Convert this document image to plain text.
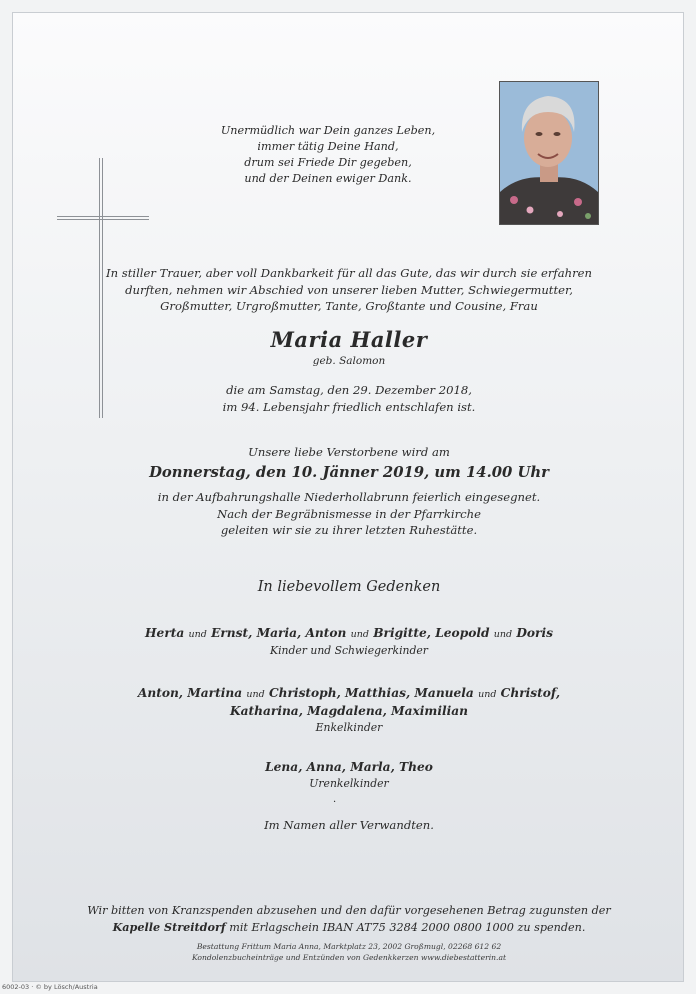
Unermüdlich war Dein ganzes Leben,
immer tätig Deine Hand,
drum sei Friede Dir gegeben,
und der Deinen ewiger Dank.
In stiller Trauer, aber voll Dankbarkeit für all das Gute, das wir durch sie erfahren
durften, nehmen wir Abschied von unserer lieben Mutter, Schwiegermutter,
Großmutter, Urgroßmutter, Tante, Großtante und Cousine, Frau
Maria Haller
geb. Salomon
die am Samstag, den 29. Dezember 2018,
im 94. Lebensjahr friedlich entschlafen ist.
Unsere liebe Verstorbene wird am
Donnerstag, den 10. Jänner 2019, um 14.00 Uhr
in der Aufbahrungshalle Niederhollabrunn feierlich eingesegnet.
Nach der Begräbnismesse in der Pfarrkirche
geleiten wir sie zu ihrer letzten Ruhestätte.
In liebevollem Gedenken
Herta und Ernst, Maria, Anton und Brigitte, Leopold und Doris
Kinder und Schwiegerkinder
Anton, Martina und Christoph, Matthias, Manuela und Christof,
Katharina, Magdalena, Maximilian
Enkelkinder
Lena, Anna, Marla, Theo
Urenkelkinder
·
Im Namen aller Verwandten.
Wir bitten von Kranzspenden abzusehen und den dafür vorgesehenen Betrag zugunsten der
Kapelle Streitdorf mit Erlagschein IBAN AT75 3284 2000 0800 1000 zu spenden.
Bestattung Frittum Maria Anna, Marktplatz 23, 2002 Großmugl, 02268 612 62
Kondolenzbucheinträge und Entzünden von Gedenkkerzen www.diebestatterin.at
6002-03 · © by Lösch/Austria
